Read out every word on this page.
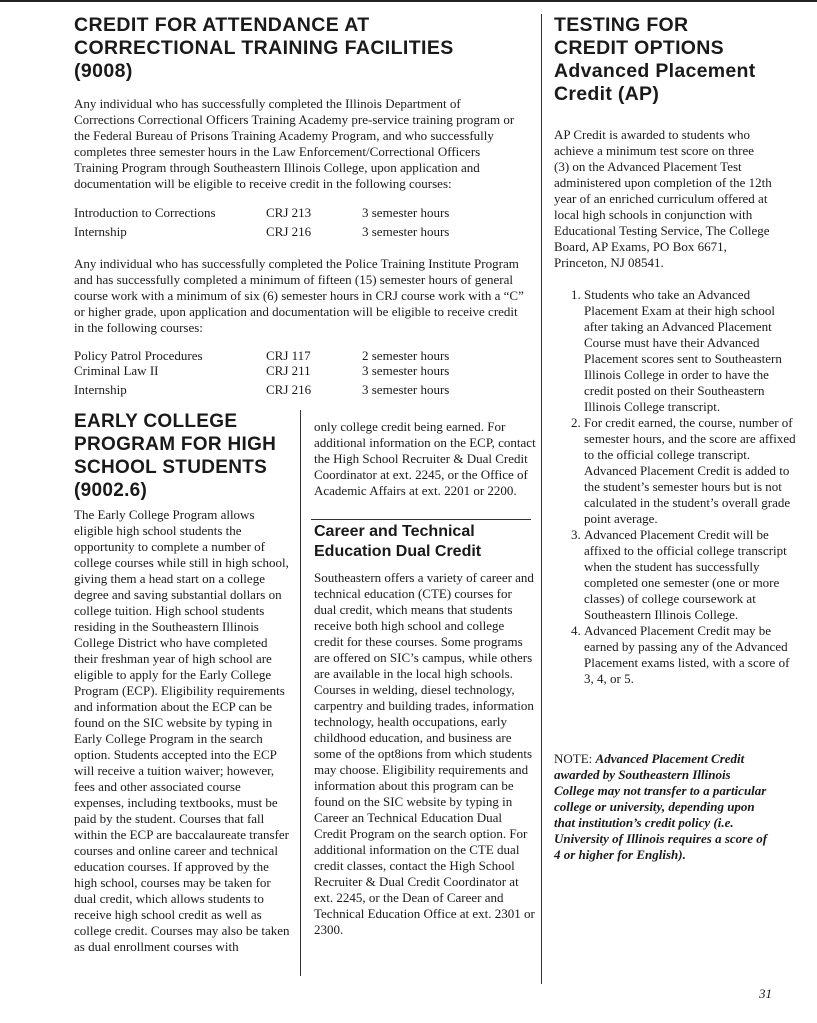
CREDIT FOR ATTENDANCE AT CORRECTIONAL TRAINING FACILITIES (9008)

Any individual who has successfully completed the Illinois Department of Corrections Correctional Officers Training Academy pre-service training program or the Federal Bureau of Prisons Training Academy Program, and who successfully completes three semester hours in the Law Enforcement/Correctional Officers Training Program through Southeastern Illinois College, upon application and documentation will be eligible to receive credit in the following courses:

Introduction to Corrections	CRJ 213	3 semester hours
Internship	CRJ 216	3 semester hours

Any individual who has successfully completed the Police Training Institute Program and has successfully completed a minimum of fifteen (15) semester hours of general course work with a minimum of six (6) semester hours in CRJ course work with a “C” or higher grade, upon application and documentation will be eligible to receive credit in the following courses:

Policy Patrol Procedures	CRJ 117	2 semester hours
Criminal Law II	CRJ 211	3 semester hours
Internship	CRJ 216	3 semester hours
EARLY COLLEGE PROGRAM FOR HIGH SCHOOL STUDENTS (9002.6)

The Early College Program allows eligible high school students the opportunity to complete a number of college courses while still in high school, giving them a head start on a college degree and saving substantial dollars on college tuition. High school students residing in the Southeastern Illinois College District who have completed their freshman year of high school are eligible to apply for the Early College Program (ECP). Eligibility requirements and information about the ECP can be found on the SIC website by typing in Early College Program in the search option. Students accepted into the ECP will receive a tuition waiver; however, fees and other associated course expenses, including textbooks, must be paid by the student. Courses that fall within the ECP are baccalaureate transfer courses and online career and technical education courses. If approved by the high school, courses may be taken for dual credit, which allows students to receive high school credit as well as college credit. Courses may also be taken as dual enrollment courses with

only college credit being earned. For additional information on the ECP, contact the High School Recruiter & Dual Credit Coordinator at ext. 2245, or the Office of Academic Affairs at ext. 2201 or 2200.

Career and Technical Education Dual Credit

Southeastern offers a variety of career and technical education (CTE) courses for dual credit, which means that students receive both high school and college credit for these courses. Some programs are offered on SIC’s campus, while others are available in the local high schools. Courses in welding, diesel technology, carpentry and building trades, information technology, health occupations, early childhood education, and business are some of the opt8ions from which students may choose. Eligibility requirements and information about this program can be found on the SIC website by typing in Career an Technical Education Dual Credit Program on the search option. For additional information on the CTE dual credit classes, contact the High School Recruiter & Dual Credit Coordinator at ext. 2245, or the Dean of Career and Technical Education Office at ext. 2301 or 2300.

TESTING FOR
CREDIT OPTIONS
Advanced Placement
Credit (AP)

AP Credit is awarded to students who achieve a minimum test score on three (3) on the Advanced Placement Test administered upon completion of the 12th year of an enriched curriculum offered at local high schools in conjunction with Educational Testing Service, The College Board, AP Exams, PO Box 6671, Princeton, NJ 08541.

1. Students who take an Advanced Placement Exam at their high school after taking an Advanced Placement Course must have their Advanced Placement scores sent to Southeastern Illinois College in order to have the credit posted on their Southeastern Illinois College transcript.
2. For credit earned, the course, number of semester hours, and the score are affixed to the official college transcript. Advanced Placement Credit is added to the student’s semester hours but is not calculated in the student’s overall grade point average.
3. Advanced Placement Credit will be affixed to the official college transcript when the student has successfully completed one semester (one or more classes) of college coursework at Southeastern Illinois College.
4. Advanced Placement Credit may be earned by passing any of the Advanced Placement exams listed, with a score of 3, 4, or 5.

NOTE: Advanced Placement Credit awarded by Southeastern Illinois College may not transfer to a particular college or university, depending upon that institution’s credit policy (i.e. University of Illinois requires a score of 4 or higher for English).

31
